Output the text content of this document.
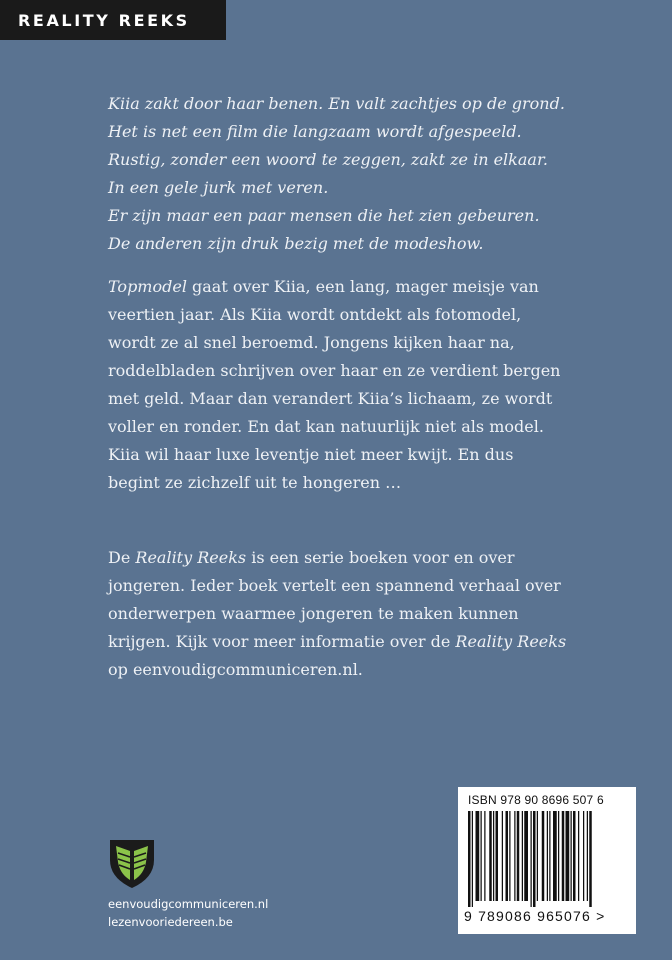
REALITY REEKS

Kiia zakt door haar benen. En valt zachtjes op de grond.

Het is net een film die langzaam wordt afgespeeld.

Rustig, zonder een woord te zeggen, zakt ze in elkaar.

In een gele jurk met veren.

Er zijn maar een paar mensen die het zien gebeuren.

De anderen zijn druk bezig met de modeshow.

Topmodel gaat over Kiia, een lang, mager meisje van veertien jaar. Als Kiia wordt ontdekt als fotomodel, wordt ze al snel beroemd. Jongens kijken haar na, roddelbladen schrijven over haar en ze verdient bergen met geld. Maar dan verandert Kiia’s lichaam, ze wordt voller en ronder. En dat kan natuurlijk niet als model. Kiia wil haar luxe leventje niet meer kwijt. En dus begint ze zichzelf uit te hongeren …

De Reality Reeks is een serie boeken voor en over jongeren. Ieder boek vertelt een spannend verhaal over onderwerpen waarmee jongeren te maken kunnen krijgen. Kijk voor meer informatie over de Reality Reeks op eenvoudigcommuniceren.nl.

eenvoudigcommuniceren.nl
lezenvooriedereen.be
ISBN 978 90 8696 507 6
9 789086 965076 >
